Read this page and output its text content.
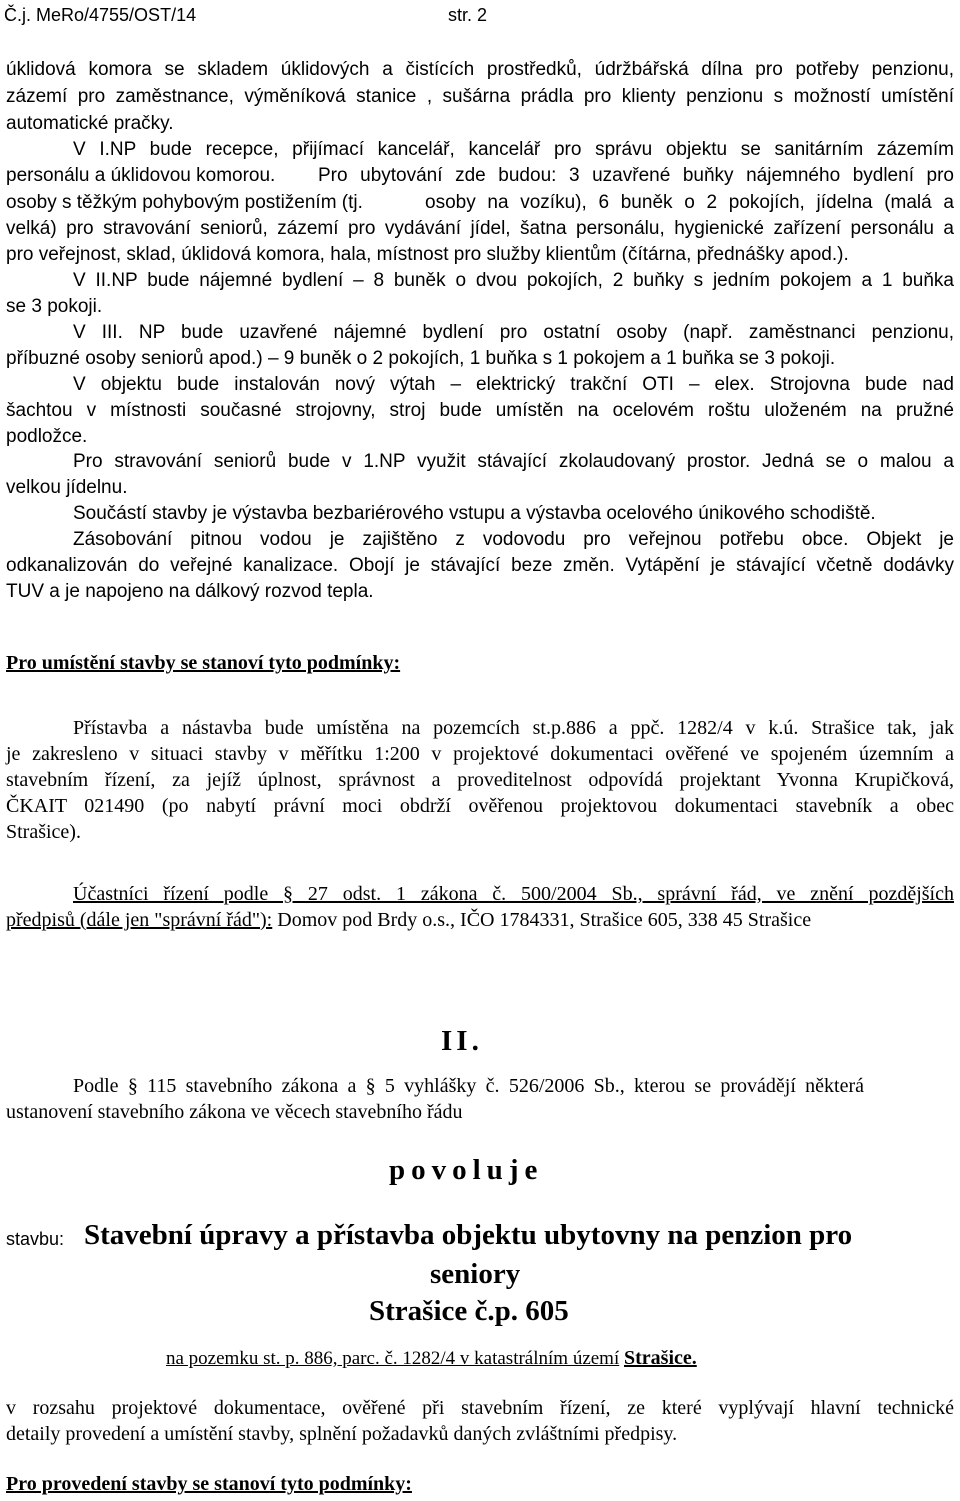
Č.j. MeRo/4755/OST/14	str. 2
úklidová komora se skladem úklidových a čistících prostředků, údržbářská dílna pro potřeby penzionu,
zázemí pro zaměstnance, výměníková stanice , sušárna prádla pro klienty penzionu s možností umístění
automatické pračky.
V I.NP bude recepce, přijímací kancelář, kancelář pro správu objektu se sanitárním zázemím
personálu a úklidovou komorou. Pro ubytování zde budou: 3 uzavřené buňky nájemného bydlení pro
osoby s těžkým pohybovým postižením (tj.	osoby na vozíku), 6 buněk o 2 pokojích, jídelna (malá a
velká) pro stravování seniorů, zázemí pro vydávání jídel, šatna personálu, hygienické zařízení personálu a
pro veřejnost, sklad, úklidová komora, hala, místnost pro služby klientům (čítárna, přednášky apod.).
V II.NP bude nájemné bydlení – 8 buněk o dvou pokojích, 2 buňky s jedním pokojem a 1 buňka
se 3 pokoji.
V III. NP bude uzavřené nájemné bydlení pro ostatní osoby (např. zaměstnanci penzionu,
příbuzné osoby seniorů apod.) – 9 buněk o 2 pokojích, 1 buňka s 1 pokojem a 1 buňka se 3 pokoji.
V objektu bude instalován nový výtah – elektrický trakční OTI – elex. Strojovna bude nad
šachtou v místnosti současné strojovny, stroj bude umístěn na ocelovém roštu uloženém na pružné
podložce.
Pro stravování seniorů bude v 1.NP využit stávající zkolaudovaný prostor. Jedná se o malou a
velkou jídelnu.
Součástí stavby je výstavba bezbariérového vstupu a výstavba ocelového únikového schodiště.
Zásobování pitnou vodou je zajištěno z vodovodu pro veřejnou potřebu obce. Objekt je
odkanalizován do veřejné kanalizace. Obojí je stávající beze změn. Vytápění je stávající včetně dodávky
TUV a je napojeno na dálkový rozvod tepla.
Pro umístění stavby se stanoví tyto podmínky:
Přístavba a nástavba bude umístěna na pozemcích st.p.886 a ppč. 1282/4 v k.ú. Strašice tak, jak
je zakresleno v situaci stavby v měřítku 1:200 v projektové dokumentaci ověřené ve spojeném územním a
stavebním řízení, za jejíž úplnost, správnost a proveditelnost odpovídá projektant Yvonna Krupičková,
ČKAIT 021490 (po nabytí právní moci obdrží ověřenou projektovou dokumentaci stavebník a obec
Strašice).
Účastníci řízení podle § 27 odst. 1 zákona č. 500/2004 Sb., správní řád, ve znění pozdějších
předpisů (dále jen "správní řád"): Domov pod Brdy o.s., IČO 1784331, Strašice 605, 338 45 Strašice
II.
Podle § 115 stavebního zákona a § 5 vyhlášky č. 526/2006 Sb., kterou se provádějí některá
ustanovení stavebního zákona ve věcech stavebního řádu
povoluje
stavbu: Stavební úpravy a přístavba objektu ubytovny na penzion pro
seniory
Strašice č.p. 605
na pozemku st. p. 886, parc. č. 1282/4 v katastrálním území Strašice.
v rozsahu projektové dokumentace, ověřené při stavebním řízení, ze které vyplývají hlavní technické
detaily provedení a umístění stavby, splnění požadavků daných zvláštními předpisy.
Pro provedení stavby se stanoví tyto podmínky:
